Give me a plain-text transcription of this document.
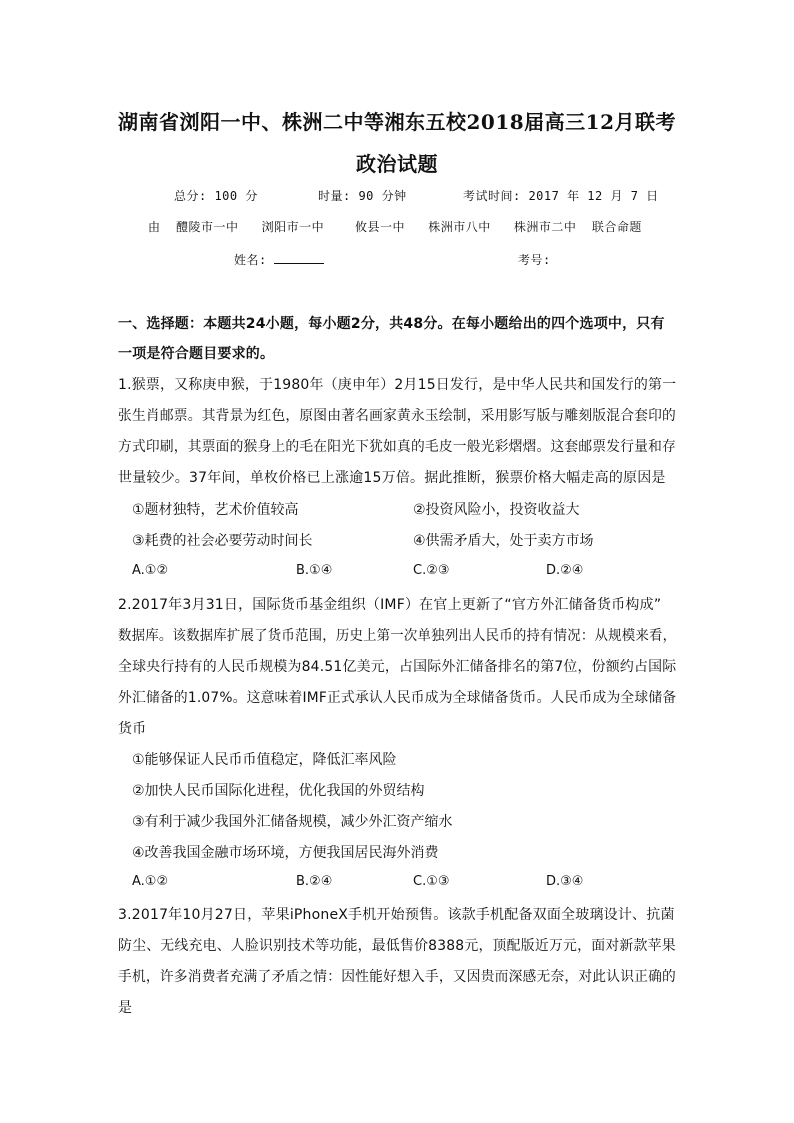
湖南省浏阳一中、株洲二中等湘东五校2018届高三12月联考
政治试题
总分: 100 分	时量: 90 分钟	考试时间: 2017 年 12 月 7 日
由  醴陵市一中   浏阳市一中    攸县一中   株洲市八中   株洲市二中  联合命题
姓名:	考号:
一、选择题：本题共24小题，每小题2分，共48分。在每小题给出的四个选项中，只有
一项是符合题目要求的。
1.猴票，又称庚申猴，于1980年（庚申年）2月15日发行，是中华人民共和国发行的第一
张生肖邮票。其背景为红色，原图由著名画家黄永玉绘制，采用影写版与雕刻版混合套印的
方式印刷，其票面的猴身上的毛在阳光下犹如真的毛皮一般光彩熠熠。这套邮票发行量和存
世量较少。37年间，单枚价格已上涨逾15万倍。据此推断，猴票价格大幅走高的原因是
①题材独特，艺术价值较高	②投资风险小，投资收益大
③耗费的社会必要劳动时间长	④供需矛盾大，处于卖方市场
A.①②	B.①④	C.②③	D.②④
2.2017年3月31日，国际货币基金组织（IMF）在官上更新了“官方外汇储备货币构成”
数据库。该数据库扩展了货币范围，历史上第一次单独列出人民币的持有情况：从规模来看，
全球央行持有的人民币规模为84.51亿美元，占国际外汇储备排名的第7位，份额约占国际
外汇储备的1.07%。这意味着IMF正式承认人民币成为全球储备货币。人民币成为全球储备
货币
①能够保证人民币币值稳定，降低汇率风险
②加快人民币国际化进程，优化我国的外贸结构
③有利于减少我国外汇储备规模，减少外汇资产缩水
④改善我国金融市场环境，方便我国居民海外消费
A.①②	B.②④	C.①③	D.③④
3.2017年10月27日，苹果iPhoneX手机开始预售。该款手机配备双面全玻璃设计、抗菌
防尘、无线充电、人脸识别技术等功能，最低售价8388元，顶配版近万元，面对新款苹果
手机，许多消费者充满了矛盾之情：因性能好想入手，又因贵而深感无奈，对此认识正确的
是
